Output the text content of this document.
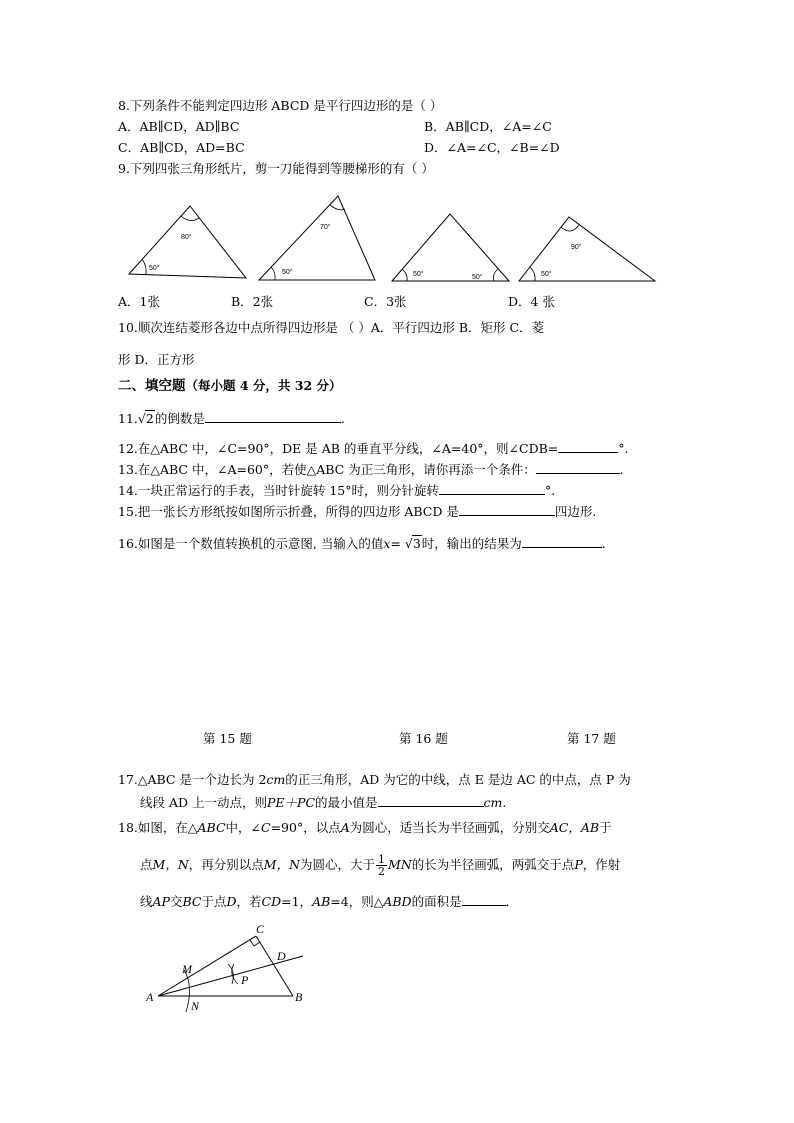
8.下列条件不能判定四边形 ABCD 是平行四边形的是（ ）
A．AB∥CD，AD∥BC	B．AB∥CD，∠A=∠C
C．AB∥CD，AD=BC	D．∠A=∠C，∠B=∠D
9.下列四张三角形纸片，剪一刀能得到等腰梯形的有（ ）
80°
50°
70°
50°	50°	50°
90°
50°
A．1张	B．2张	C．3张	D．4 张
10.顺次连结菱形各边中点所得四边形是 （ ）A．平行四边形 B．矩形 C．菱
形 D．正方形
二、填空题（每小题 4 分，共 32 分）
11.√2的倒数是	.
12.在△ABC 中，∠C=90°，DE 是 AB 的垂直平分线，∠A=40°，则∠CDB=	°.
13.在△ABC 中，∠A=60°，若使△ABC 为正三角形，请你再添一个条件：	.
14.一块正常运行的手表，当时针旋转 15°时，则分针旋转	°.
15.把一张长方形纸按如图所示折叠，所得的四边形 ABCD 是	四边形.
16.如图是一个数值转换机的示意图, 当输入的值x= √3时，输出的结果为	.
第 15 题	第 16 题	第 17 题
17.△ABC 是一个边长为 2cm的正三角形，AD 为它的中线，点 E 是边 AC 的中点，点 P 为
线段 AD 上一动点，则PE＋PC的最小值是	cm.
18.如图，在△ABC中，∠C=90°，以点A为圆心，适当长为半径画弧，分别交AC，AB于
点M，N，再分别以点M，N为圆心，大于 $\frac{1}{2}$ MN的长为半径画弧，两弧交于点P，作射
线AP交BC于点D，若CD=1，AB=4，则△ABD的面积是	．
A	B
C
D
M
N
P
